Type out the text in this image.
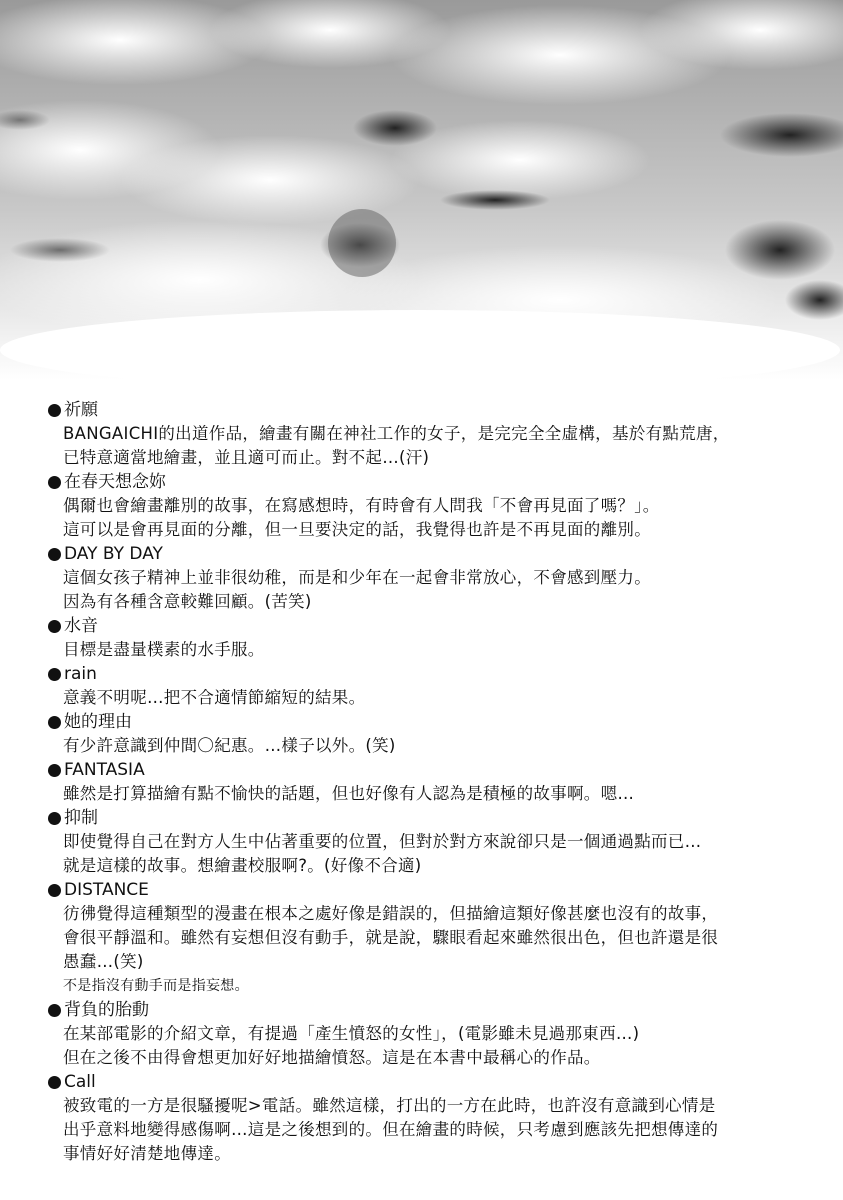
祈願

BANGAICHI的出道作品，繪畫有關在神社工作的女子，是完完全全虛構，基於有點荒唐，

已特意適當地繪畫，並且適可而止。對不起…(汗)

在春天想念妳

偶爾也會繪畫離別的故事，在寫感想時，有時會有人問我「不會再見面了嗎？」。

這可以是會再見面的分離，但一旦要決定的話，我覺得也許是不再見面的離別。

DAY BY DAY

這個女孩子精神上並非很幼稚，而是和少年在一起會非常放心，不會感到壓力。

因為有各種含意較難回顧。(苦笑)

水音

目標是盡量樸素的水手服。

rain

意義不明呢…把不合適情節縮短的結果。

她的理由

有少許意識到仲間〇紀惠。…樣子以外。(笑)

FANTASIA

雖然是打算描繪有點不愉快的話題，但也好像有人認為是積極的故事啊。嗯…

抑制

即使覺得自己在對方人生中佔著重要的位置，但對於對方來說卻只是一個通過點而已…

就是這樣的故事。想繪畫校服啊?。(好像不合適)

DISTANCE

彷彿覺得這種類型的漫畫在根本之處好像是錯誤的，但描繪這類好像甚麼也沒有的故事，

會很平靜溫和。雖然有妄想但沒有動手，就是說，驟眼看起來雖然很出色，但也許還是很

愚蠢…(笑)

不是指沒有動手而是指妄想。

背負的胎動

在某部電影的介紹文章，有提過「產生憤怒的女性」，(電影雖未見過那東西…)

但在之後不由得會想更加好好地描繪憤怒。這是在本書中最稱心的作品。

Call

被致電的一方是很騷擾呢>電話。雖然這樣，打出的一方在此時，也許沒有意識到心情是

出乎意料地變得感傷啊…這是之後想到的。但在繪畫的時候，只考慮到應該先把想傳達的

事情好好清楚地傳達。
